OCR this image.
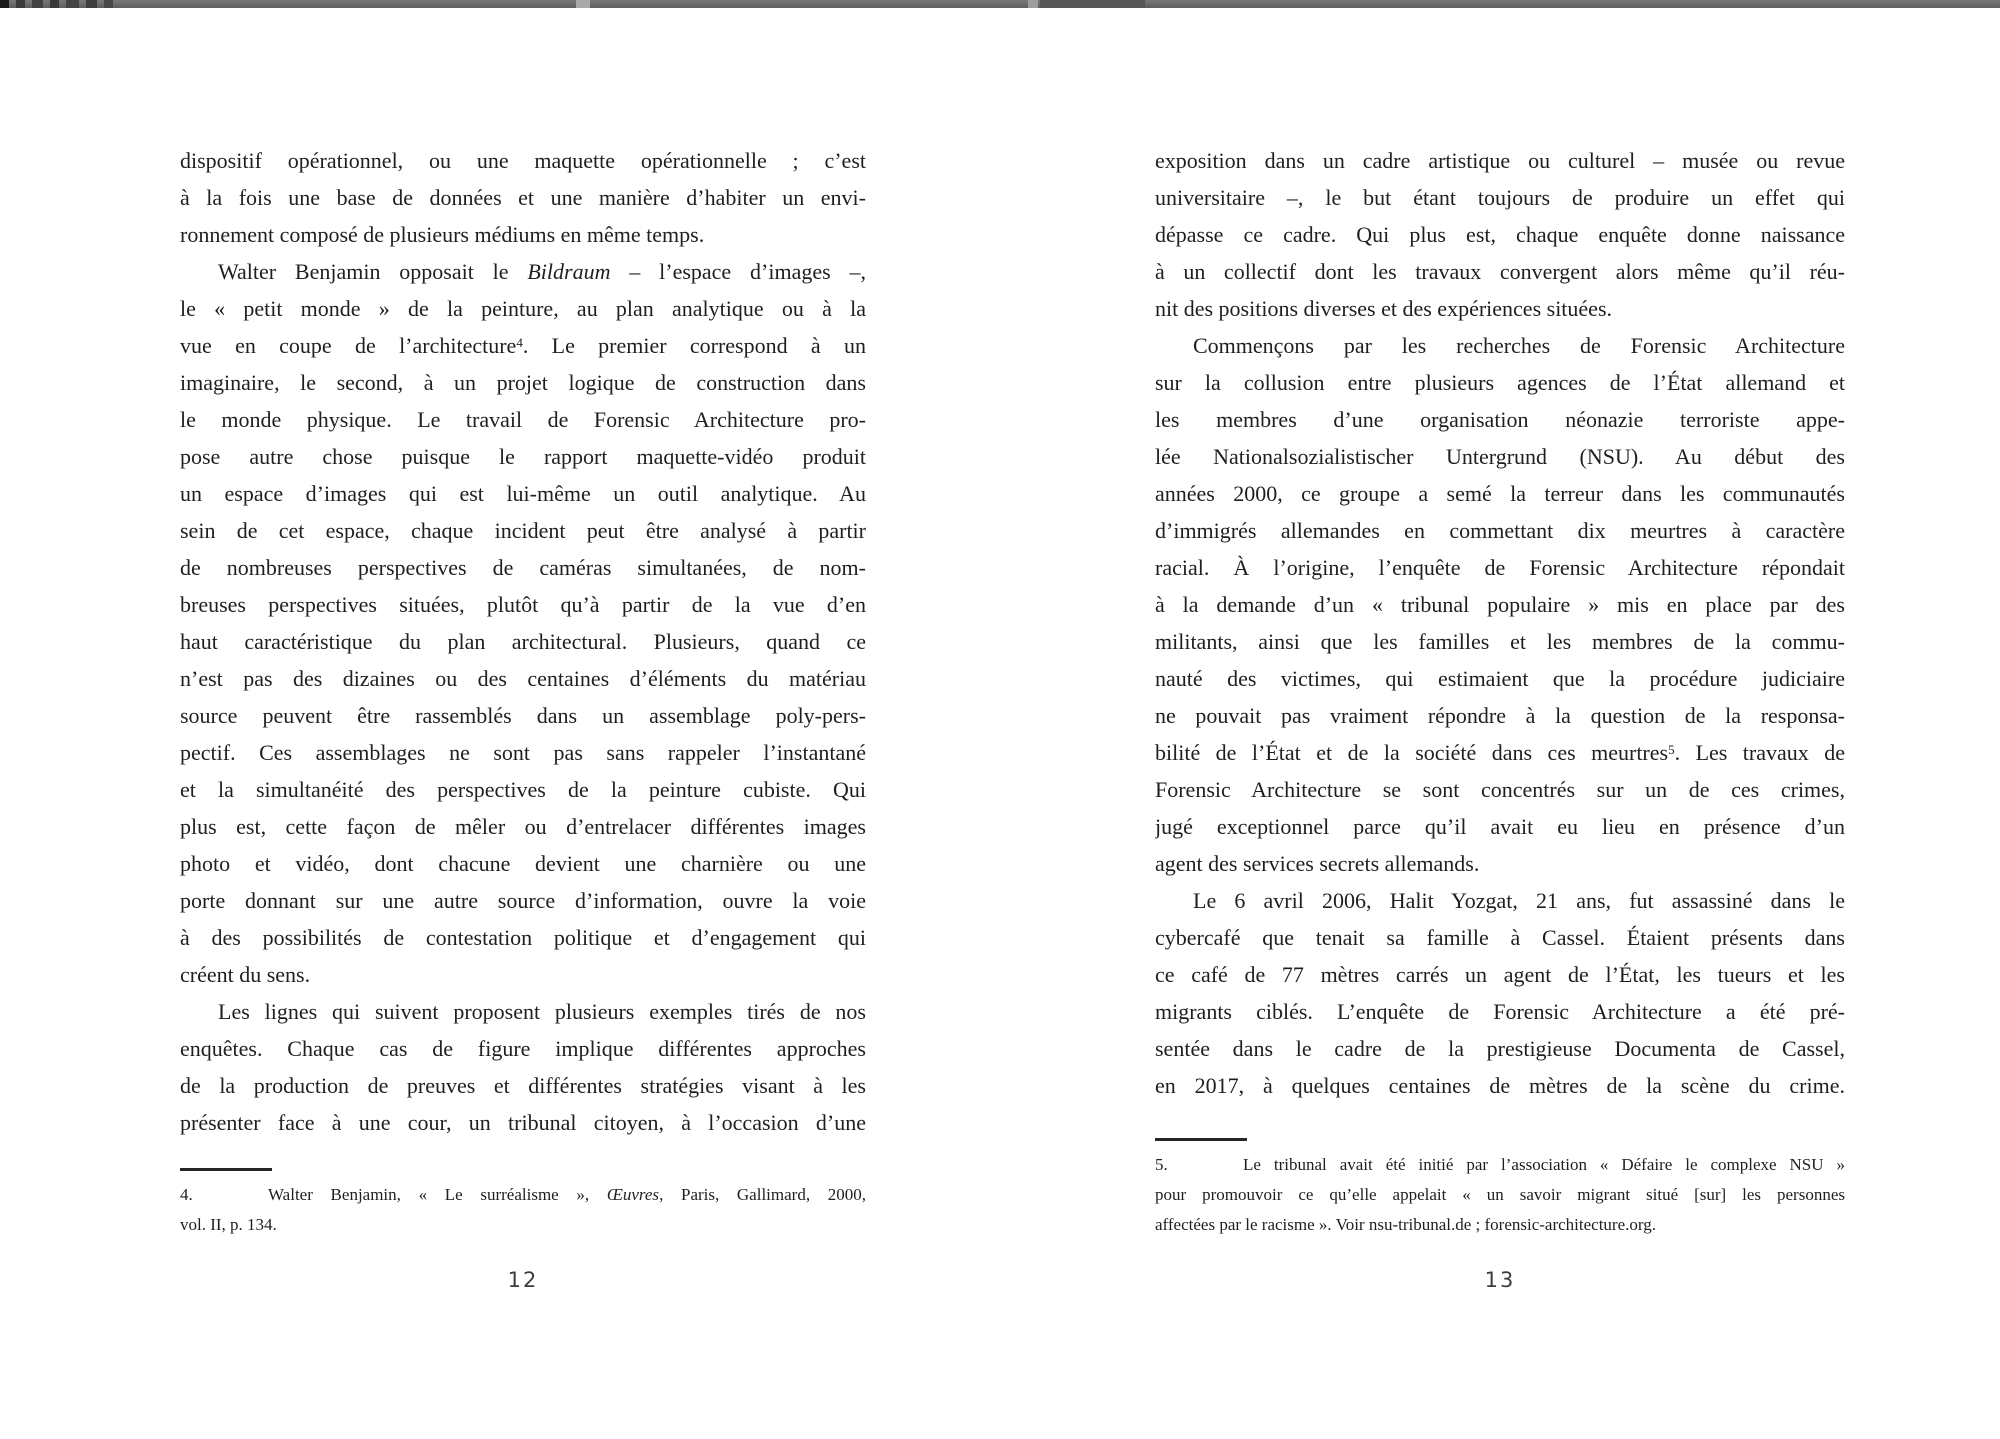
dispositif opérationnel, ou une maquette opérationnelle ; c’est
à la fois une base de données et une manière d’habiter un envi-
ronnement composé de plusieurs médiums en même temps.
Walter Benjamin opposait le Bildraum – l’espace d’images –,
le « petit monde » de la peinture, au plan analytique ou à la
vue en coupe de l’architecture$^4$. Le premier correspond à un
imaginaire, le second, à un projet logique de construction dans
le monde physique. Le travail de Forensic Architecture pro-
pose autre chose puisque le rapport maquette-vidéo produit
un espace d’images qui est lui-même un outil analytique. Au
sein de cet espace, chaque incident peut être analysé à partir
de nombreuses perspectives de caméras simultanées, de nom-
breuses perspectives situées, plutôt qu’à partir de la vue d’en
haut caractéristique du plan architectural. Plusieurs, quand ce
n’est pas des dizaines ou des centaines d’éléments du matériau
source peuvent être rassemblés dans un assemblage poly-pers-
pectif. Ces assemblages ne sont pas sans rappeler l’instantané
et la simultanéité des perspectives de la peinture cubiste. Qui
plus est, cette façon de mêler ou d’entrelacer différentes images
photo et vidéo, dont chacune devient une charnière ou une
porte donnant sur une autre source d’information, ouvre la voie
à des possibilités de contestation politique et d’engagement qui
créent du sens.
Les lignes qui suivent proposent plusieurs exemples tirés de nos
enquêtes. Chaque cas de figure implique différentes approches
de la production de preuves et différentes stratégies visant à les
présenter face à une cour, un tribunal citoyen, à l’occasion d’une
4.	Walter Benjamin, « Le surréalisme », Œuvres, Paris, Gallimard, 2000,
vol. II, p. 134.
12
exposition dans un cadre artistique ou culturel – musée ou revue
universitaire –, le but étant toujours de produire un effet qui
dépasse ce cadre. Qui plus est, chaque enquête donne naissance
à un collectif dont les travaux convergent alors même qu’il réu-
nit des positions diverses et des expériences situées.
Commençons par les recherches de Forensic Architecture
sur la collusion entre plusieurs agences de l’État allemand et
les membres d’une organisation néonazie terroriste appe-
lée Nationalsozialistischer Untergrund (NSU). Au début des
années 2000, ce groupe a semé la terreur dans les communautés
d’immigrés allemandes en commettant dix meurtres à caractère
racial. À l’origine, l’enquête de Forensic Architecture répondait
à la demande d’un « tribunal populaire » mis en place par des
militants, ainsi que les familles et les membres de la commu-
nauté des victimes, qui estimaient que la procédure judiciaire
ne pouvait pas vraiment répondre à la question de la responsa-
bilité de l’État et de la société dans ces meurtres$^5$. Les travaux de
Forensic Architecture se sont concentrés sur un de ces crimes,
jugé exceptionnel parce qu’il avait eu lieu en présence d’un
agent des services secrets allemands.
Le 6 avril 2006, Halit Yozgat, 21 ans, fut assassiné dans le
cybercafé que tenait sa famille à Cassel. Étaient présents dans
ce café de 77 mètres carrés un agent de l’État, les tueurs et les
migrants ciblés. L’enquête de Forensic Architecture a été pré-
sentée dans le cadre de la prestigieuse Documenta de Cassel,
en 2017, à quelques centaines de mètres de la scène du crime.
5.	Le tribunal avait été initié par l’association « Défaire le complexe NSU »
pour promouvoir ce qu’elle appelait « un savoir migrant situé [sur] les personnes
affectées par le racisme ». Voir nsu-tribunal.de ; forensic-architecture.org.
13
